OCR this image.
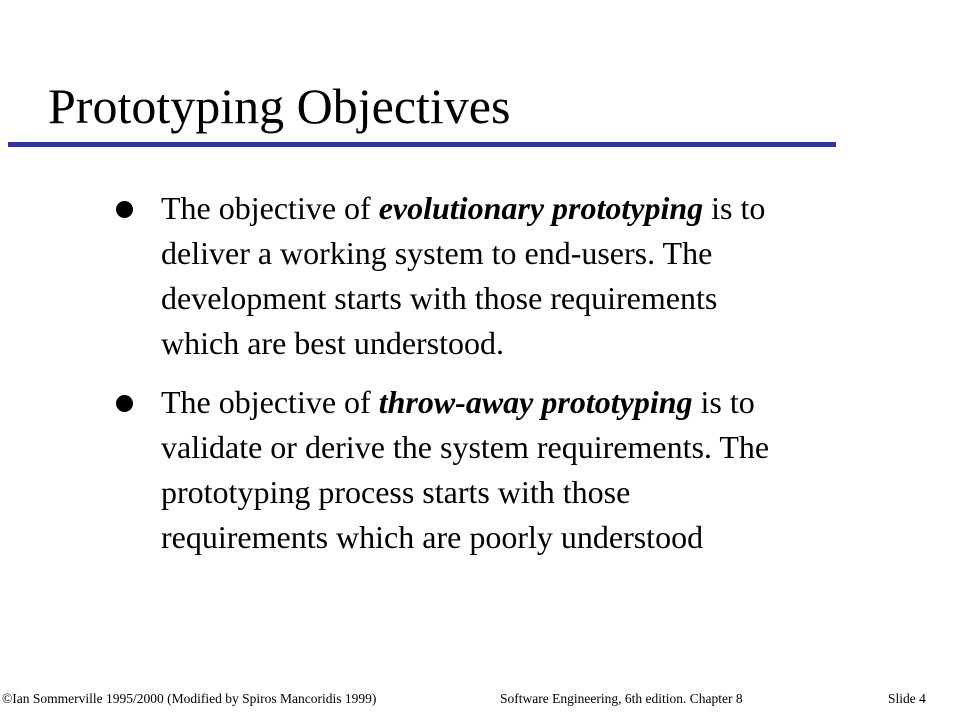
Prototyping Objectives
The objective of evolutionary prototyping is to
deliver a working system to end-users. The
development starts with those requirements
which are best understood.
The objective of throw-away prototyping is to
validate or derive the system requirements. The
prototyping process starts with those
requirements which are poorly understood
©Ian Sommerville 1995/2000 (Modified by Spiros Mancoridis 1999)	Software Engineering, 6th edition. Chapter 8	Slide 4
